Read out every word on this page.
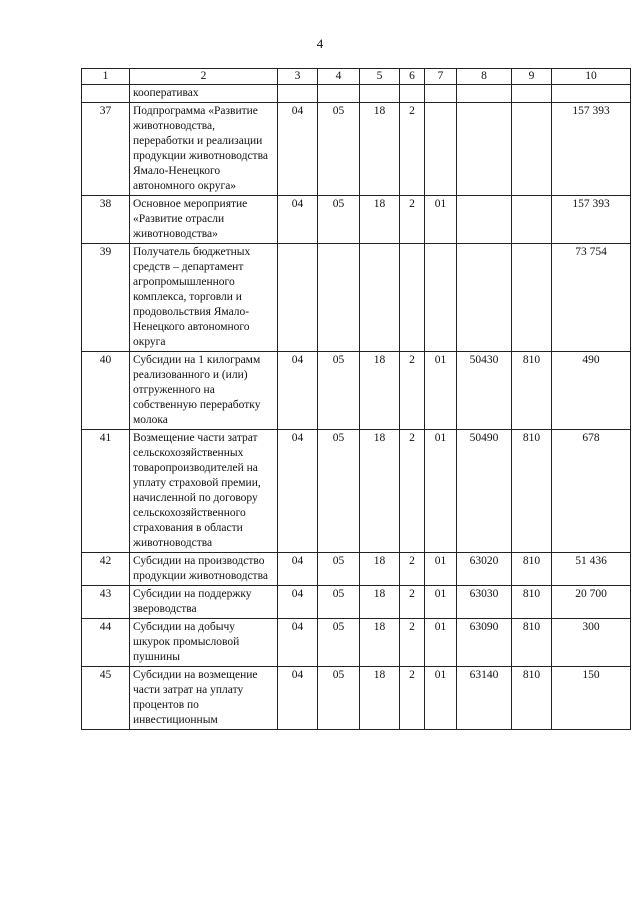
4
1	2	3	4	5	6	7	8	9	10
	кооперативах								
37	Подпрограмма «Развитие животноводства, переработки и реализации продукции животноводства Ямало-Ненецкого автономного округа»	04	05	18	2				157 393
38	Основное мероприятие «Развитие отрасли животноводства»	04	05	18	2	01			157 393
39	Получатель бюджетных средств – департамент агропромышленного комплекса, торговли и продовольствия Ямало-Ненецкого автономного округа								73 754
40	Субсидии на 1 килограмм реализованного и (или) отгруженного на собственную переработку молока	04	05	18	2	01	50430	810	490
41	Возмещение части затрат сельскохозяйственных товаропроизводителей на уплату страховой премии, начисленной по договору сельскохозяйственного страхования в области животноводства	04	05	18	2	01	50490	810	678
42	Субсидии на производство продукции животноводства	04	05	18	2	01	63020	810	51 436
43	Субсидии на поддержку звероводства	04	05	18	2	01	63030	810	20 700
44	Субсидии на добычу шкурок промысловой пушнины	04	05	18	2	01	63090	810	300
45	Субсидии на возмещение части затрат на уплату процентов по инвестиционным	04	05	18	2	01	63140	810	150
